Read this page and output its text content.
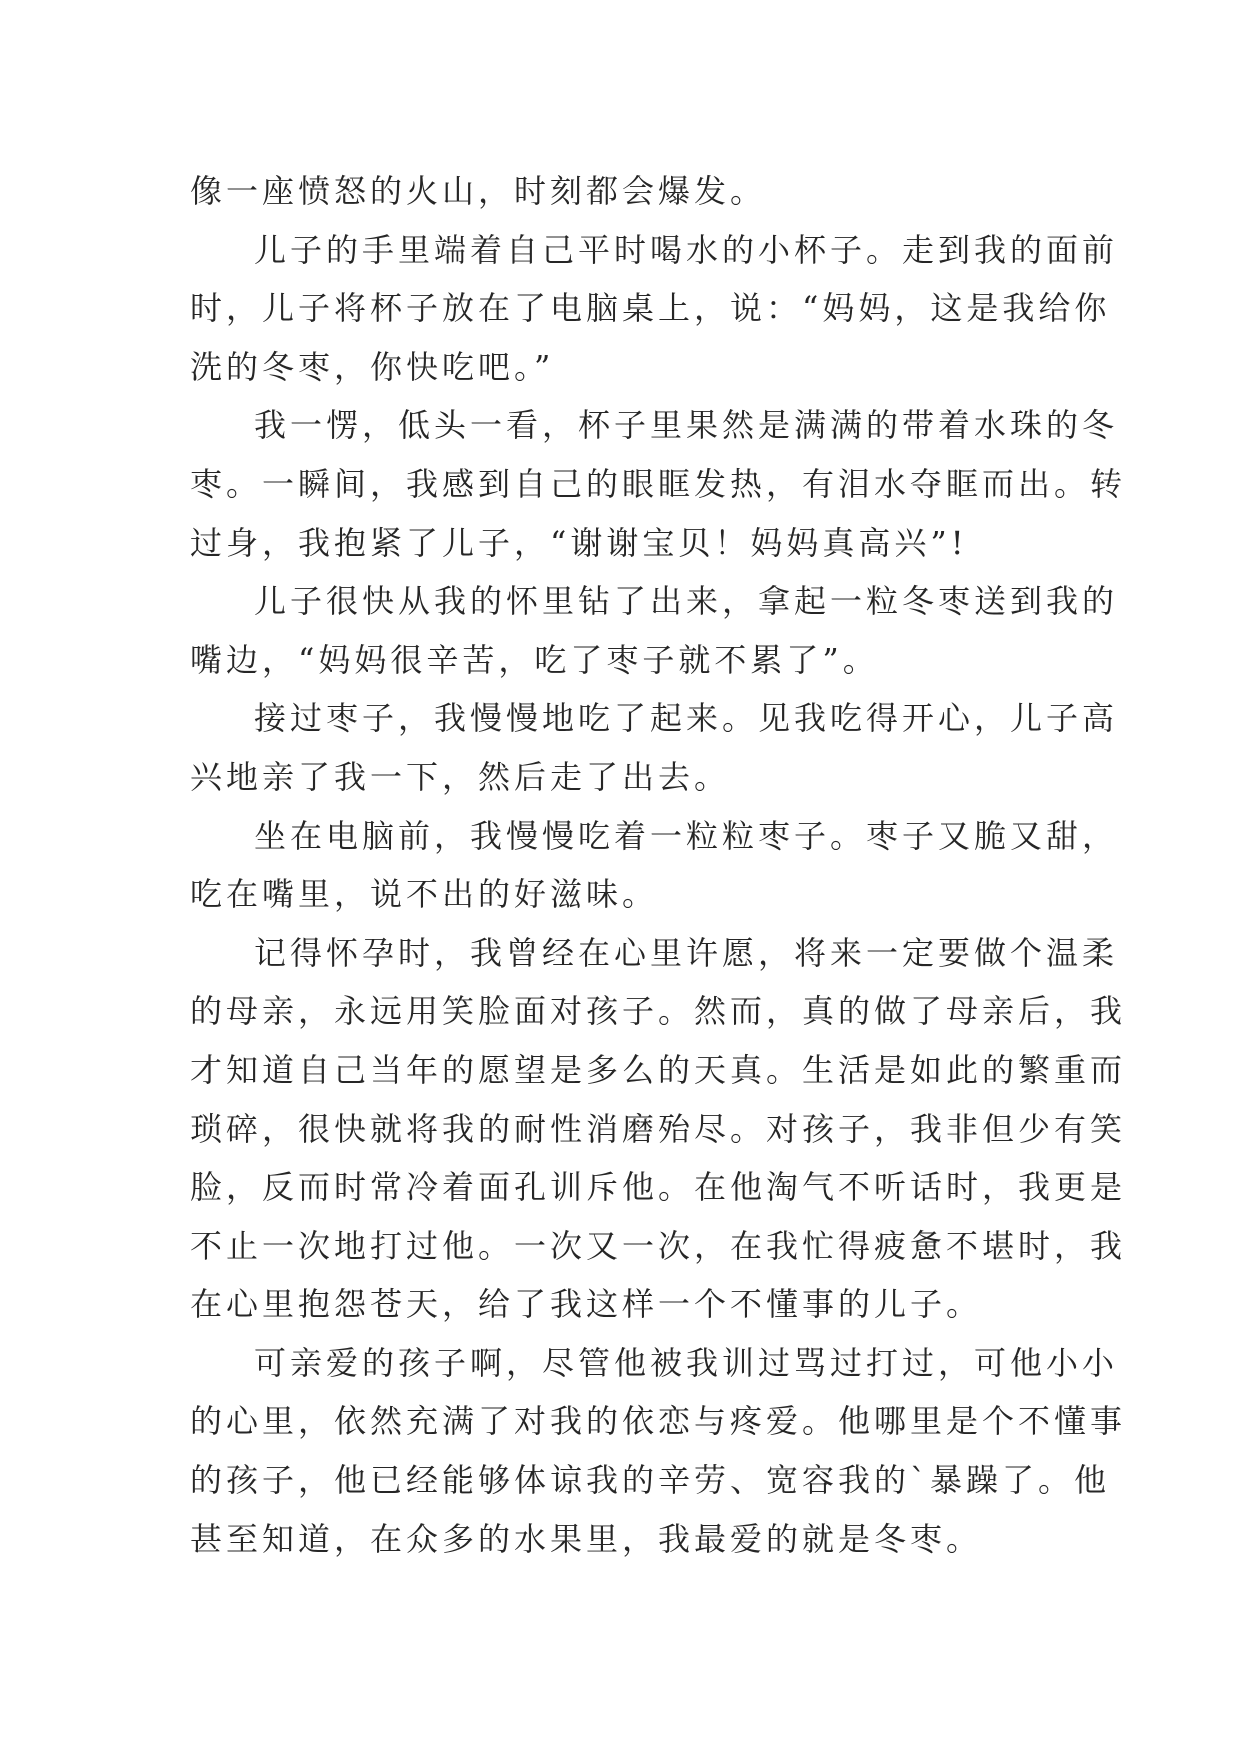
像一座愤怒的火山，时刻都会爆发。
儿子的手里端着自己平时喝水的小杯子。走到我的面前
时，儿子将杯子放在了电脑桌上，说：“妈妈，这是我给你
洗的冬枣，你快吃吧。”
我一愣，低头一看，杯子里果然是满满的带着水珠的冬
枣。一瞬间，我感到自己的眼眶发热，有泪水夺眶而出。转
过身，我抱紧了儿子，“谢谢宝贝！妈妈真高兴”!
儿子很快从我的怀里钻了出来，拿起一粒冬枣送到我的
嘴边，“妈妈很辛苦，吃了枣子就不累了”。
接过枣子，我慢慢地吃了起来。见我吃得开心，儿子高
兴地亲了我一下，然后走了出去。
坐在电脑前，我慢慢吃着一粒粒枣子。枣子又脆又甜，
吃在嘴里，说不出的好滋味。
记得怀孕时，我曾经在心里许愿，将来一定要做个温柔
的母亲，永远用笑脸面对孩子。然而，真的做了母亲后，我
才知道自己当年的愿望是多么的天真。生活是如此的繁重而
琐碎，很快就将我的耐性消磨殆尽。对孩子，我非但少有笑
脸，反而时常冷着面孔训斥他。在他淘气不听话时，我更是
不止一次地打过他。一次又一次，在我忙得疲惫不堪时，我
在心里抱怨苍天，给了我这样一个不懂事的儿子。
可亲爱的孩子啊，尽管他被我训过骂过打过，可他小小
的心里，依然充满了对我的依恋与疼爱。他哪里是个不懂事
的孩子，他已经能够体谅我的辛劳、宽容我的`暴躁了。他
甚至知道，在众多的水果里，我最爱的就是冬枣。
